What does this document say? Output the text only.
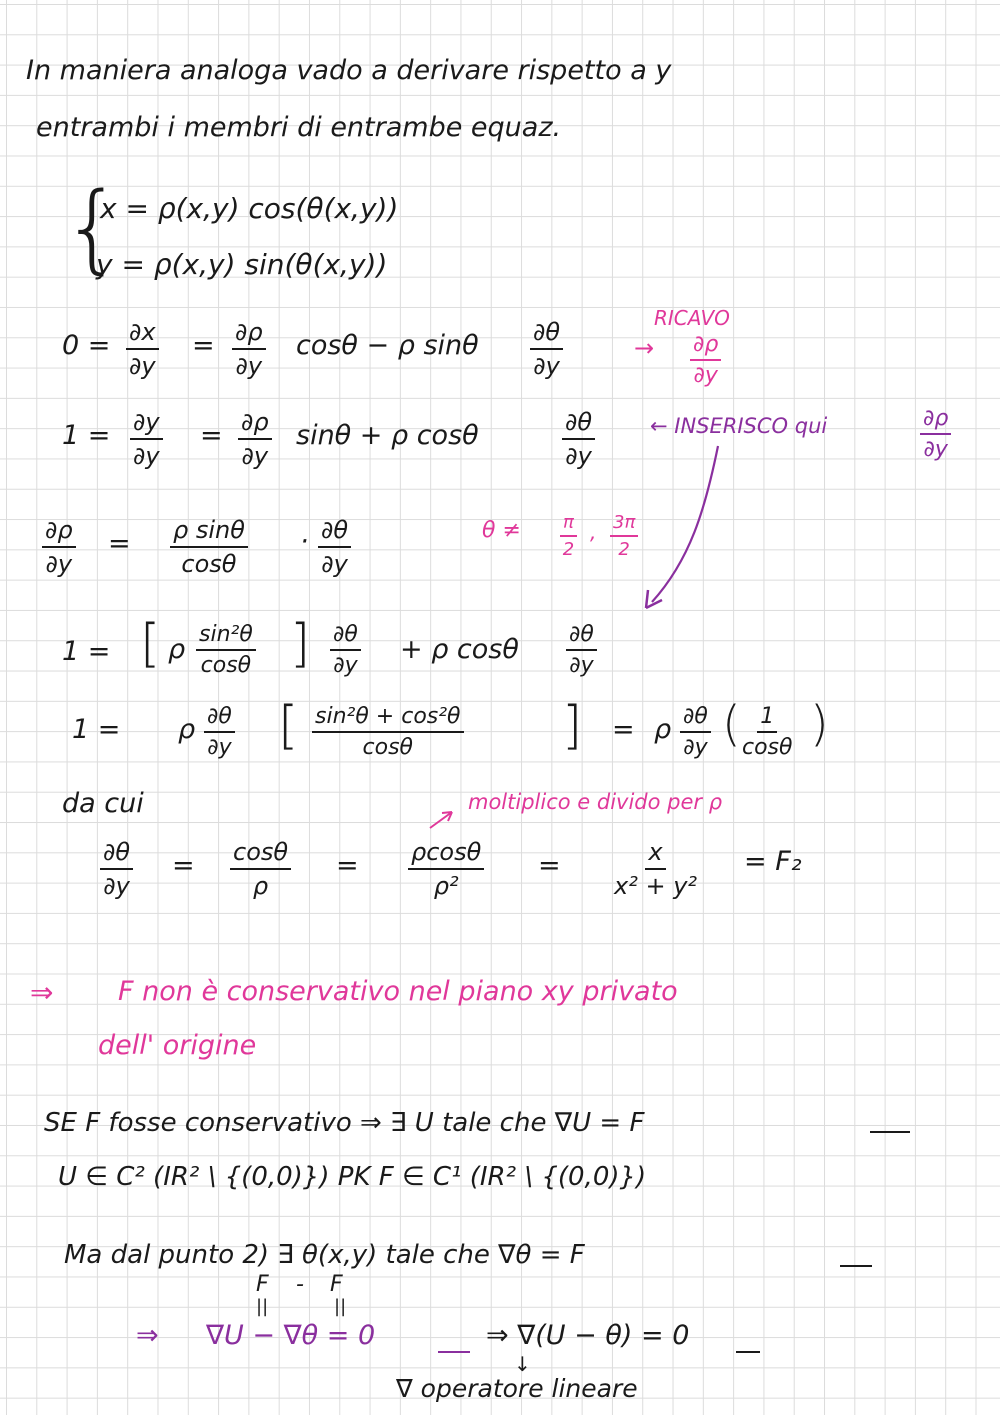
In maniera analoga vado a derivare rispetto a y
entrambi i membri di entrambe equaz.
{
x = ρ(x,y) cos(θ(x,y))
y = ρ(x,y) sin(θ(x,y))
$0 = \frac{\partial x}{\partial y} = \frac{\partial\rho}{\partial y}$ cosθ − ρ sinθ $\frac{\partial\theta}{\partial y}$	RICAVO
→ $\frac{\partial\rho}{\partial y}$
$1 = \frac{\partial y}{\partial y} = \frac{\partial\rho}{\partial y}$ sinθ + ρ cosθ	$\frac{\partial\theta}{\partial y}$	← INSERISCO qui	$\frac{\partial\rho}{\partial y}$
$\frac{\partial\rho}{\partial y} = \frac{\text{ρ sinθ}}{\cos\theta} \cdot \frac{\partial\theta}{\partial y}$	$\theta \ne \frac{\pi}{2}$ , $\frac{3\pi}{2}$
1 = [ ρ $\frac{\text{sin²θ}}{\cos\theta}$ ] $\frac{\partial\theta}{\partial y} + \rho$ cosθ $\frac{\partial\theta}{\partial y}$
1 = ρ $\frac{\partial\theta}{\partial y}$ [ $\frac{\text{sin²θ + cos²θ}}{\cos\theta}$ ] = ρ $\frac{\partial\theta}{\partial y}$ ( $\frac{1}{\cos\theta}$ )
da cui	moltiplico e divido per ρ
$\frac{\partial\theta}{\partial y} = \frac{\cos\theta}{\rho} = \frac{\rho\cos\theta}{\text{ρ²}} = \frac{x}{\text{x² + y²}} = F_2$
⇒ F non è conservativo nel piano xy privato
dell' origine
SE F fosse conservativo ⇒ ∃ U tale che ∇U = F
U ∈ C² (IR² \ {(0,0)}) PK F ∈ C¹ (IR² \ {(0,0)})
Ma dal punto 2) ∃ θ(x,y) tale che ∇θ = F
F - F
||	||
⇒ ∇U − ∇θ = 0	⇒ ∇(U − θ) = 0
↓
∇ operatore lineare
